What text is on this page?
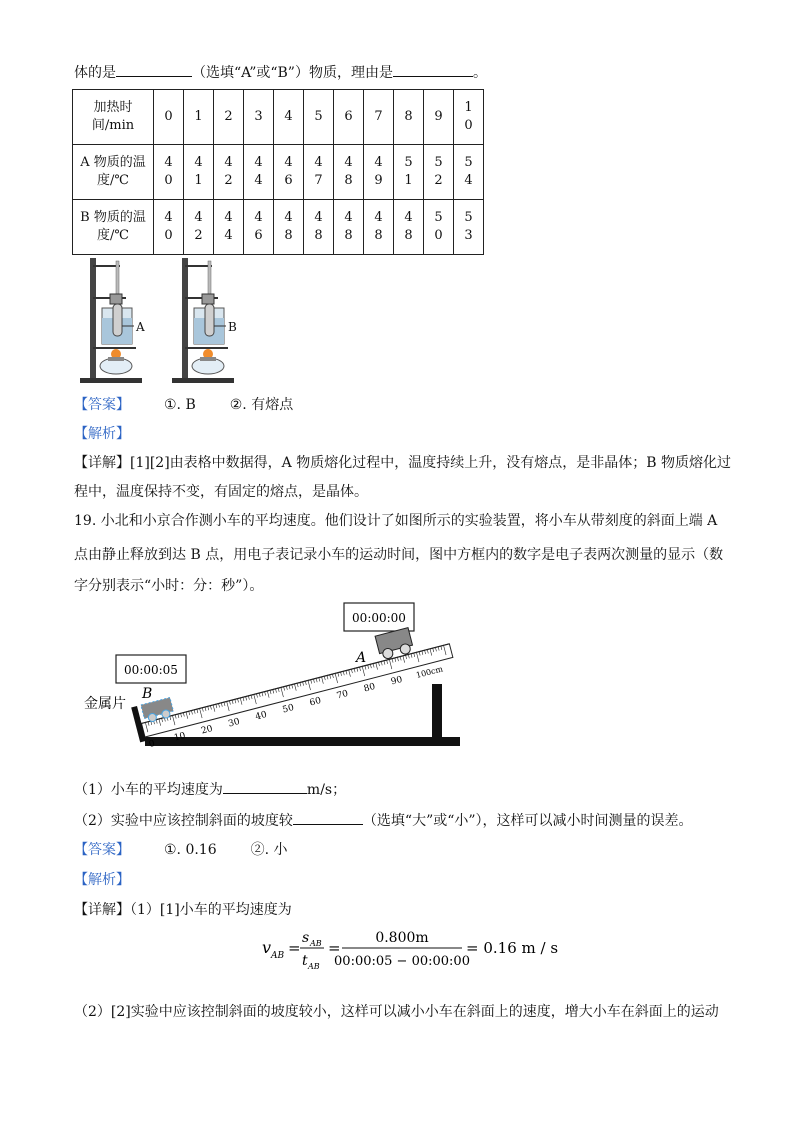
体的是	（选填“A”或“B”）物质，理由是	。
加热时间/min	0	1	2	3	4	5	6	7	8	9	10
A 物质的温度/℃	40	41	42	44	46	47	48	49	51	52	54
B 物质的温度/℃	40	42	44	46	48	48	48	48	48	50	53
A	B
【答案】 ①. B ②. 有熔点
【解析】
【详解】[1][2]由表格中数据得，A 物质熔化过程中，温度持续上升，没有熔点，是非晶体；B 物质熔化过
程中，温度保持不变，有固定的熔点，是晶体。
19. 小北和小京合作测小车的平均速度。他们设计了如图所示的实验装置，将小车从带刻度的斜面上端 A
点由静止释放到达 B 点，用电子表记录小车的运动时间，图中方框内的数字是电子表两次测量的显示（数
字分别表示“小时：分：秒”）。
00:00:00
00:00:05
0
10
20
30
40
50
60
70
80
90
100cm
金属片
B
A
（1）小车的平均速度为	m/s；
（2）实验中应该控制斜面的坡度较	（选填“大”或“小”），这样可以减小时间测量的误差。
【答案】 ①. 0.16 ②. 小
【解析】
【详解】（1）[1]小车的平均速度为
v AB =
s AB
t AB
=
0.800m
00:00:05 − 00:00:00
= 0.16 m / s
（2）[2]实验中应该控制斜面的坡度较小，这样可以减小小车在斜面上的速度，增大小车在斜面上的运动
